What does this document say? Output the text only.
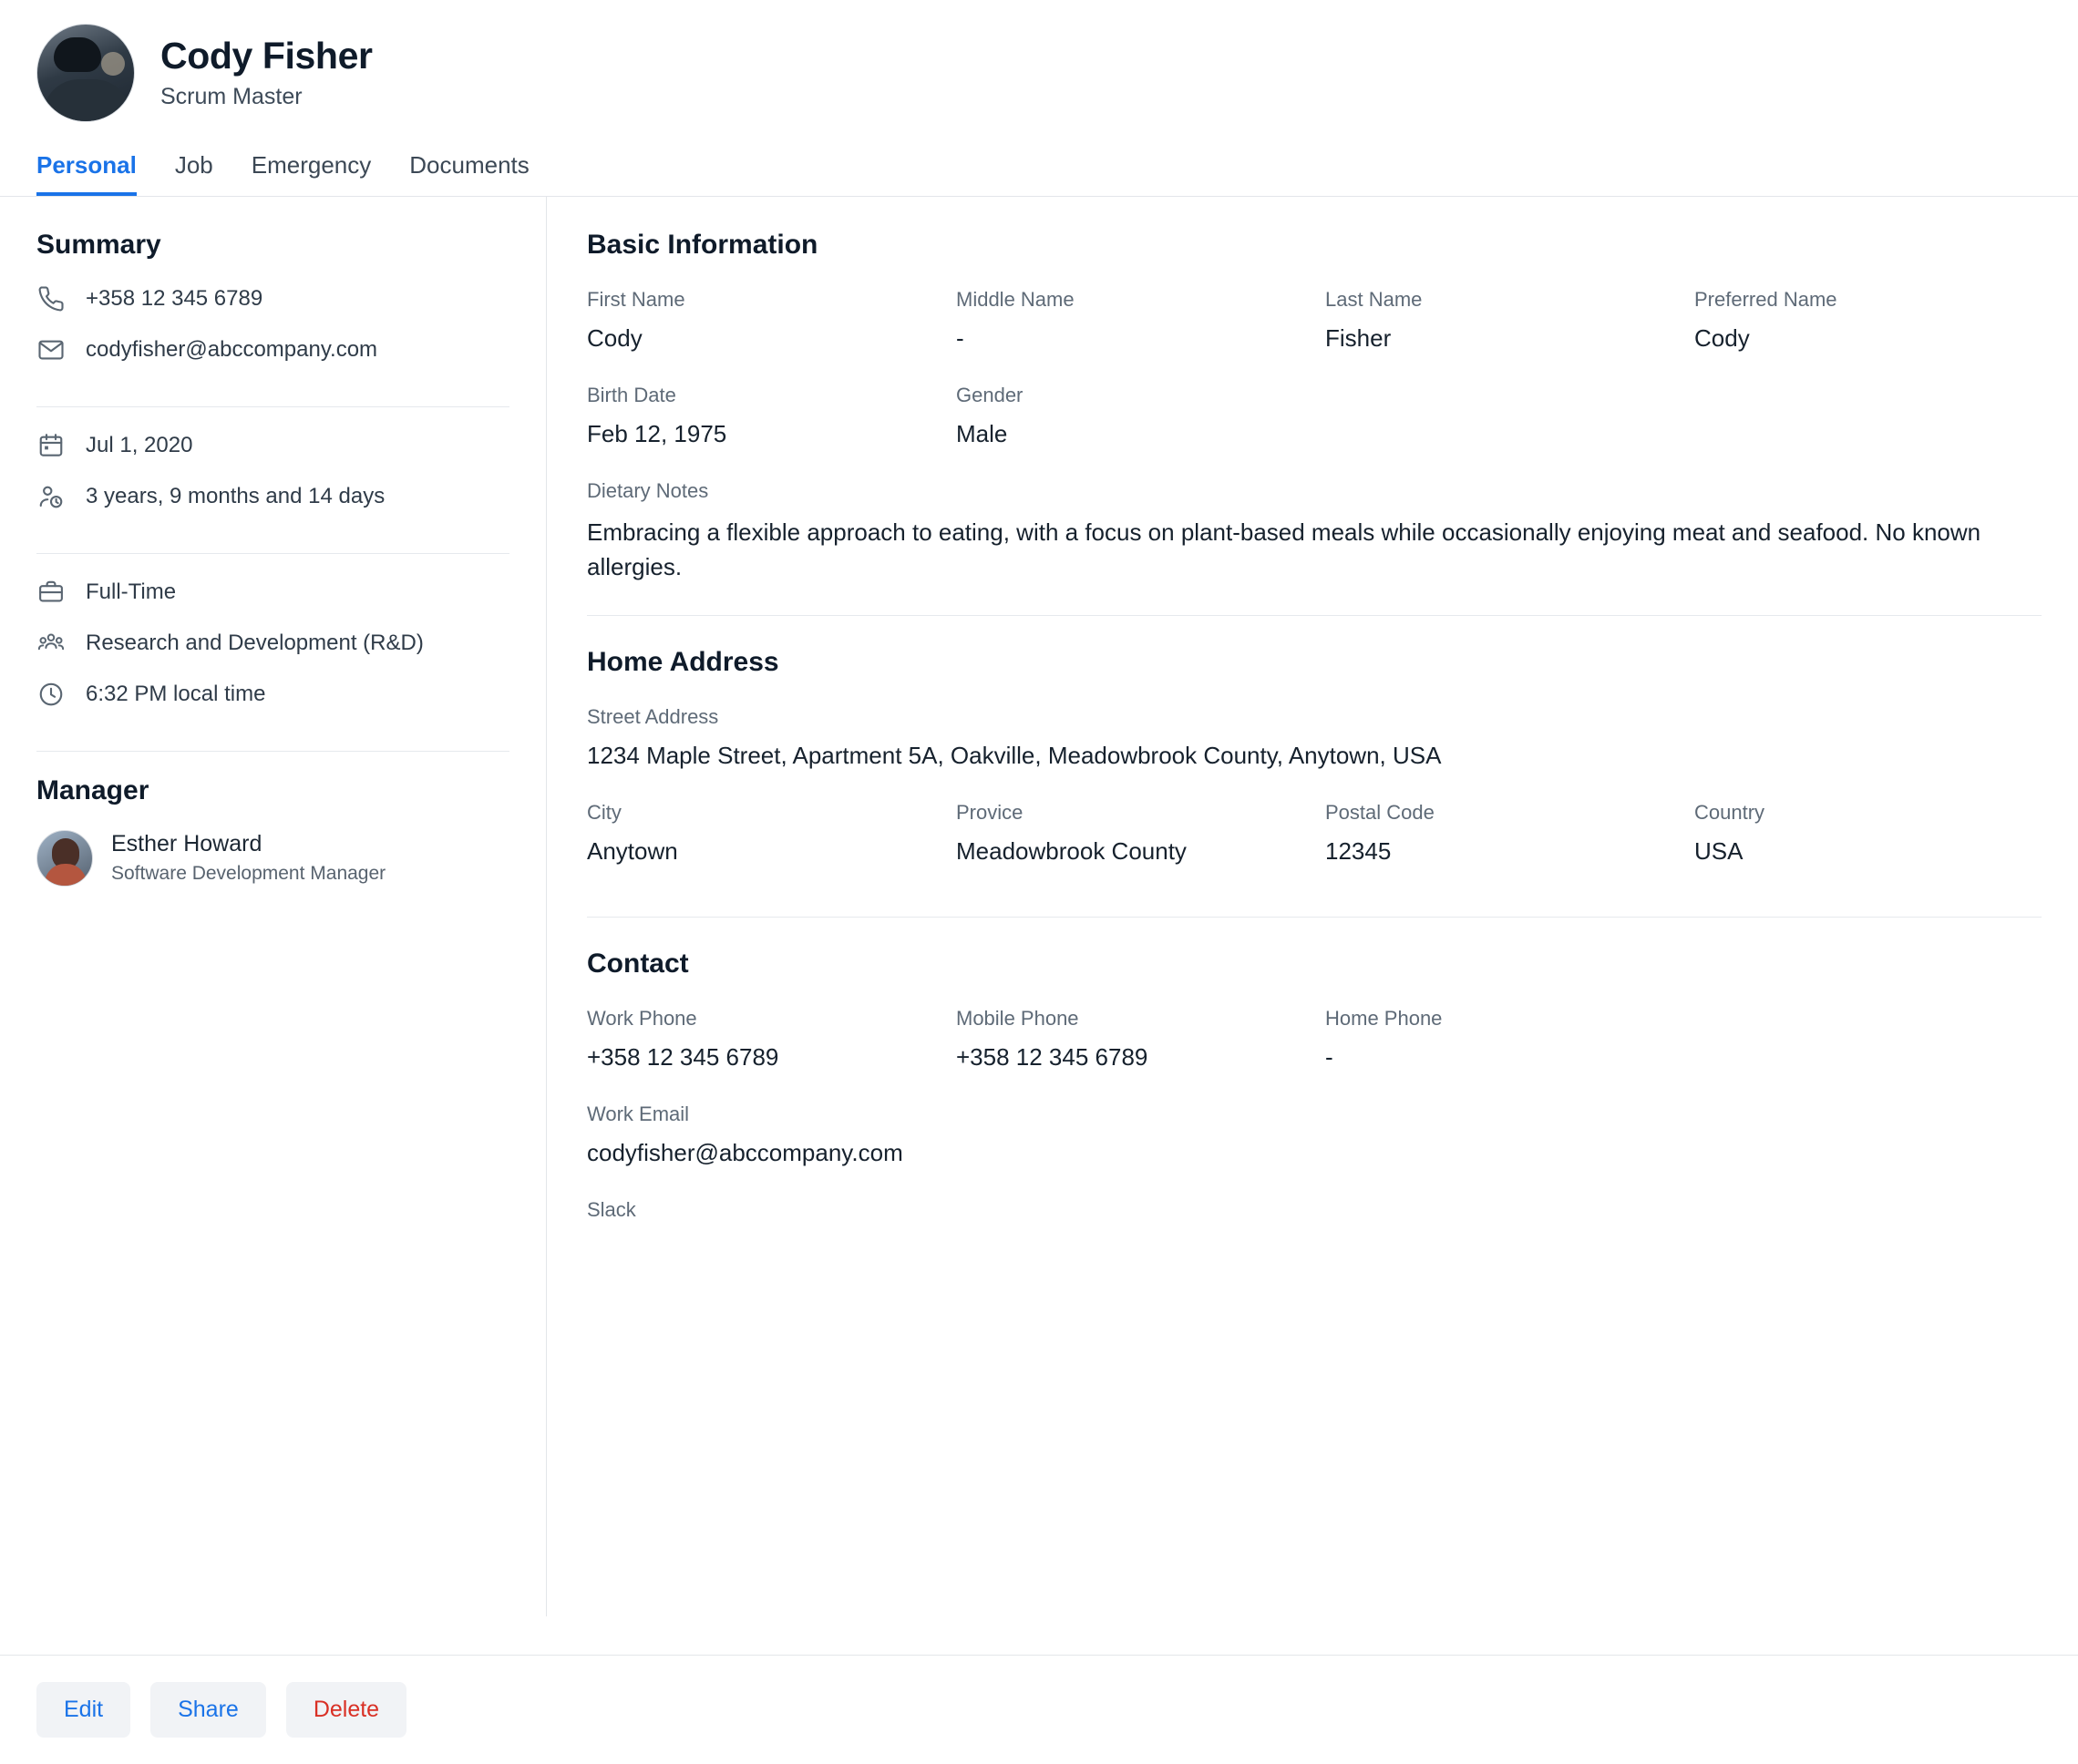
Cody Fisher
Scrum Master
Personal Job Emergency Documents
Summary
+358 12 345 6789
codyfisher@abccompany.com
Jul 1, 2020
3 years, 9 months and 14 days
Full-Time
Research and Development (R&D)
6:32 PM local time
Manager
Esther Howard
Software Development Manager
Basic Information
First Name
Cody
Middle Name
-
Last Name
Fisher
Preferred Name
Cody
Birth Date
Feb 12, 1975
Gender
Male
Dietary Notes
Embracing a flexible approach to eating, with a focus on plant-based meals while occasionally enjoying meat and seafood. No known allergies.
Home Address
Street Address
1234 Maple Street, Apartment 5A, Oakville, Meadowbrook County, Anytown, USA
City
Anytown
Provice
Meadowbrook County
Postal Code
12345
Country
USA
Contact
Work Phone
+358 12 345 6789
Mobile Phone
+358 12 345 6789
Home Phone
-
Work Email
codyfisher@abccompany.com
Slack
Edit	Share	Delete
